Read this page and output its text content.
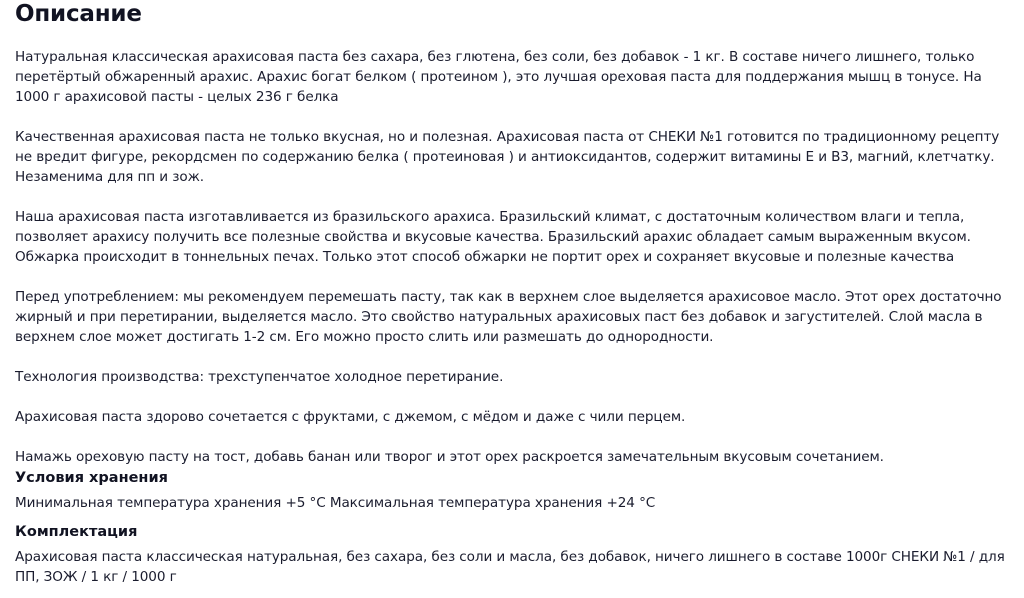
Описание

Натуральная классическая арахисовая паста без сахара, без глютена, без соли, без добавок - 1 кг. В составе ничего лишнего, только перетёртый обжаренный арахис. Арахис богат белком ( протеином ), это лучшая ореховая паста для поддержания мышц в тонусе. На 1000 г арахисовой пасты - целых 236 г белка

Качественная арахисовая паста не только вкусная, но и полезная. Арахисовая паста от СНЕКИ №1 готовится по традиционному рецепту не вредит фигуре, рекордсмен по содержанию белка ( протеиновая ) и антиоксидантов, содержит витамины Е и В3, магний, клетчатку. Незаменима для пп и зож.

Наша арахисовая паста изготавливается из бразильского арахиса. Бразильский климат, с достаточным количеством влаги и тепла, позволяет арахису получить все полезные свойства и вкусовые качества. Бразильский арахис обладает самым выраженным вкусом. Обжарка происходит в тоннельных печах. Только этот способ обжарки не портит орех и сохраняет вкусовые и полезные качества

Перед употреблением: мы рекомендуем перемешать пасту, так как в верхнем слое выделяется арахисовое масло. Этот орех достаточно жирный и при перетирании, выделяется масло. Это свойство натуральных арахисовых паст без добавок и загустителей. Слой масла в верхнем слое может достигать 1-2 см. Его можно просто слить или размешать до однородности.

Технология производства: трехступенчатое холодное перетирание.

Арахисовая паста здорово сочетается с фруктами, с джемом, с мёдом и даже с чили перцем.

Намажь ореховую пасту на тост, добавь банан или творог и этот орех раскроется замечательным вкусовым сочетанием.

Условия хранения

Минимальная температура хранения +5 °C Максимальная температура хранения +24 °C

Комплектация

Арахисовая паста классическая натуральная, без сахара, без соли и масла, без добавок, ничего лишнего в составе 1000г СНЕКИ №1 / для ПП, ЗОЖ / 1 кг / 1000 г
